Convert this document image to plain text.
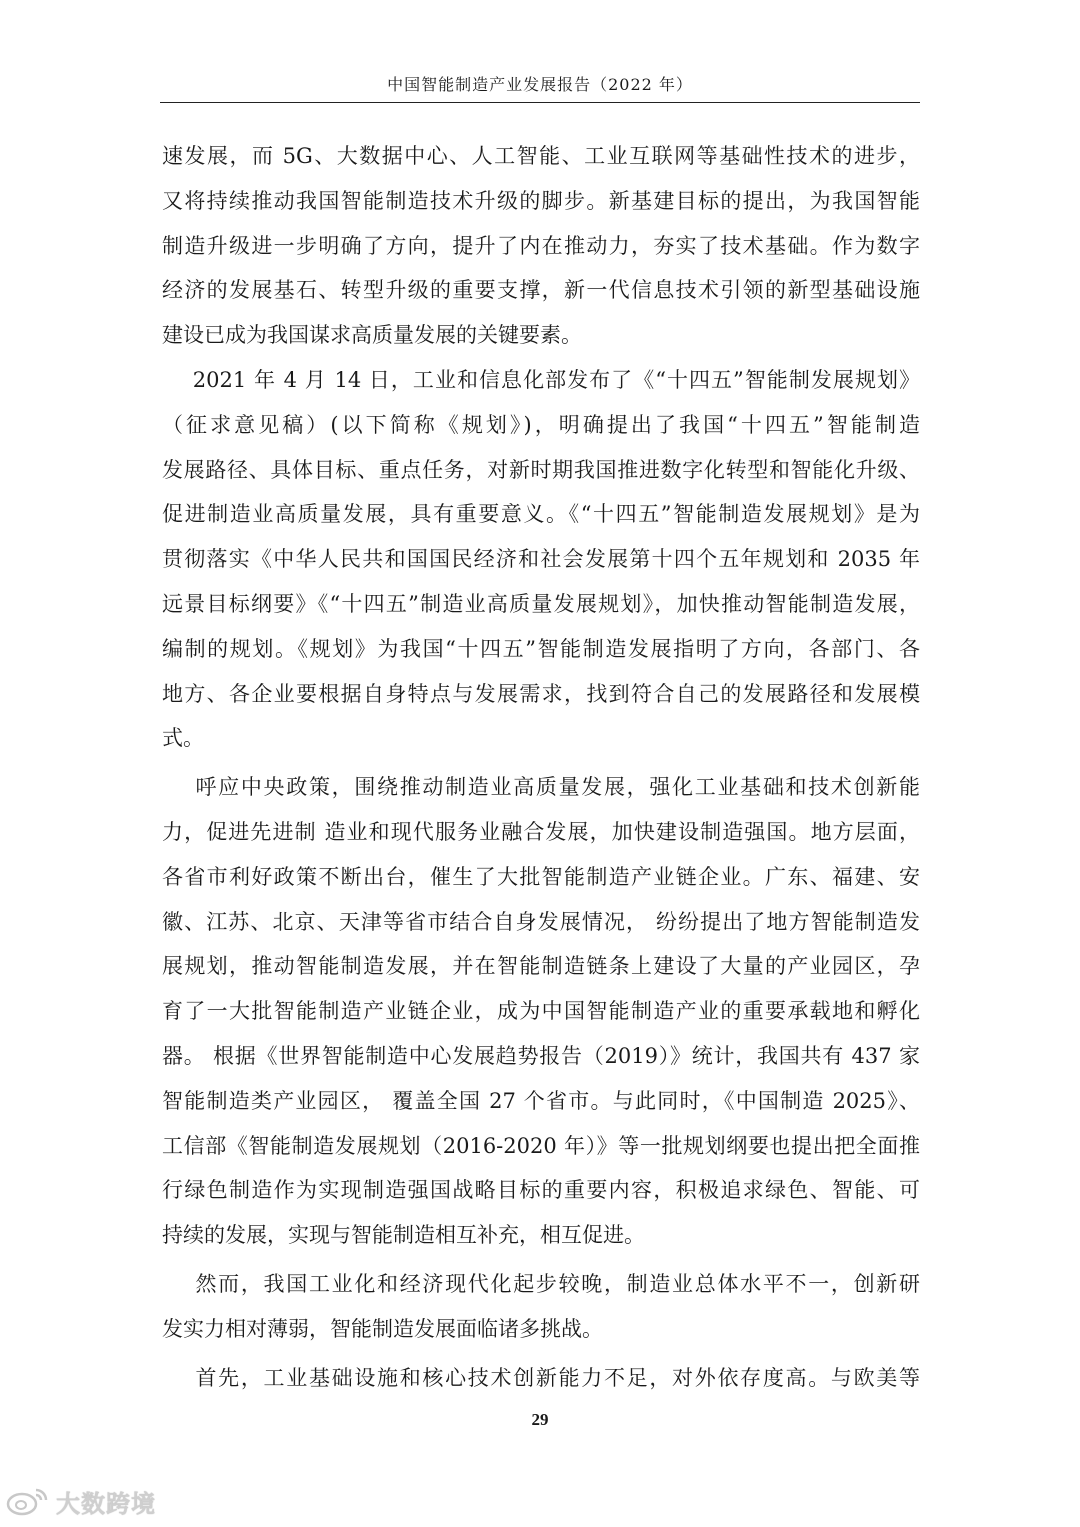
中国智能制造产业发展报告（2022 年）
速发展，而 5G、大数据中心、人工智能、工业互联网等基础性技术的进步，
又将持续推动我国智能制造技术升级的脚步。新基建目标的提出，为我国智能
制造升级进一步明确了方向，提升了内在推动力，夯实了技术基础。作为数字
经济的发展基石、转型升级的重要支撑，新一代信息技术引领的新型基础设施
建设已成为我国谋求高质量发展的关键要素。
2021 年 4 月 14 日，工业和信息化部发布了《“十四五”智能制发展规划》
（征求意见稿）(以下简称《规划》)，明确提出了我国“十四五”智能制造
发展路径、具体目标、重点任务，对新时期我国推进数字化转型和智能化升级、
促进制造业高质量发展，具有重要意义。《“十四五”智能制造发展规划》是为
贯彻落实《中华人民共和国国民经济和社会发展第十四个五年规划和 2035 年
远景目标纲要》《“十四五”制造业高质量发展规划》，加快推动智能制造发展，
编制的规划。《规划》为我国“十四五”智能制造发展指明了方向，各部门、各
地方、各企业要根据自身特点与发展需求，找到符合自己的发展路径和发展模
式。
呼应中央政策，围绕推动制造业高质量发展，强化工业基础和技术创新能
力，促进先进制 造业和现代服务业融合发展，加快建设制造强国。地方层面，
各省市利好政策不断出台，催生了大批智能制造产业链企业。广东、福建、安
徽、江苏、北京、天津等省市结合自身发展情况， 纷纷提出了地方智能制造发
展规划，推动智能制造发展，并在智能制造链条上建设了大量的产业园区，孕
育了一大批智能制造产业链企业，成为中国智能制造产业的重要承载地和孵化
器。 根据《世界智能制造中心发展趋势报告（2019）》统计，我国共有 437 家
智能制造类产业园区， 覆盖全国 27 个省市。与此同时，《中国制造 2025》、
工信部《智能制造发展规划（2016-2020 年）》等一批规划纲要也提出把全面推
行绿色制造作为实现制造强国战略目标的重要内容，积极追求绿色、智能、可
持续的发展，实现与智能制造相互补充，相互促进。
然而，我国工业化和经济现代化起步较晚，制造业总体水平不一，创新研
发实力相对薄弱，智能制造发展面临诸多挑战。
首先，工业基础设施和核心技术创新能力不足，对外依存度高。与欧美等
29
大数跨境
